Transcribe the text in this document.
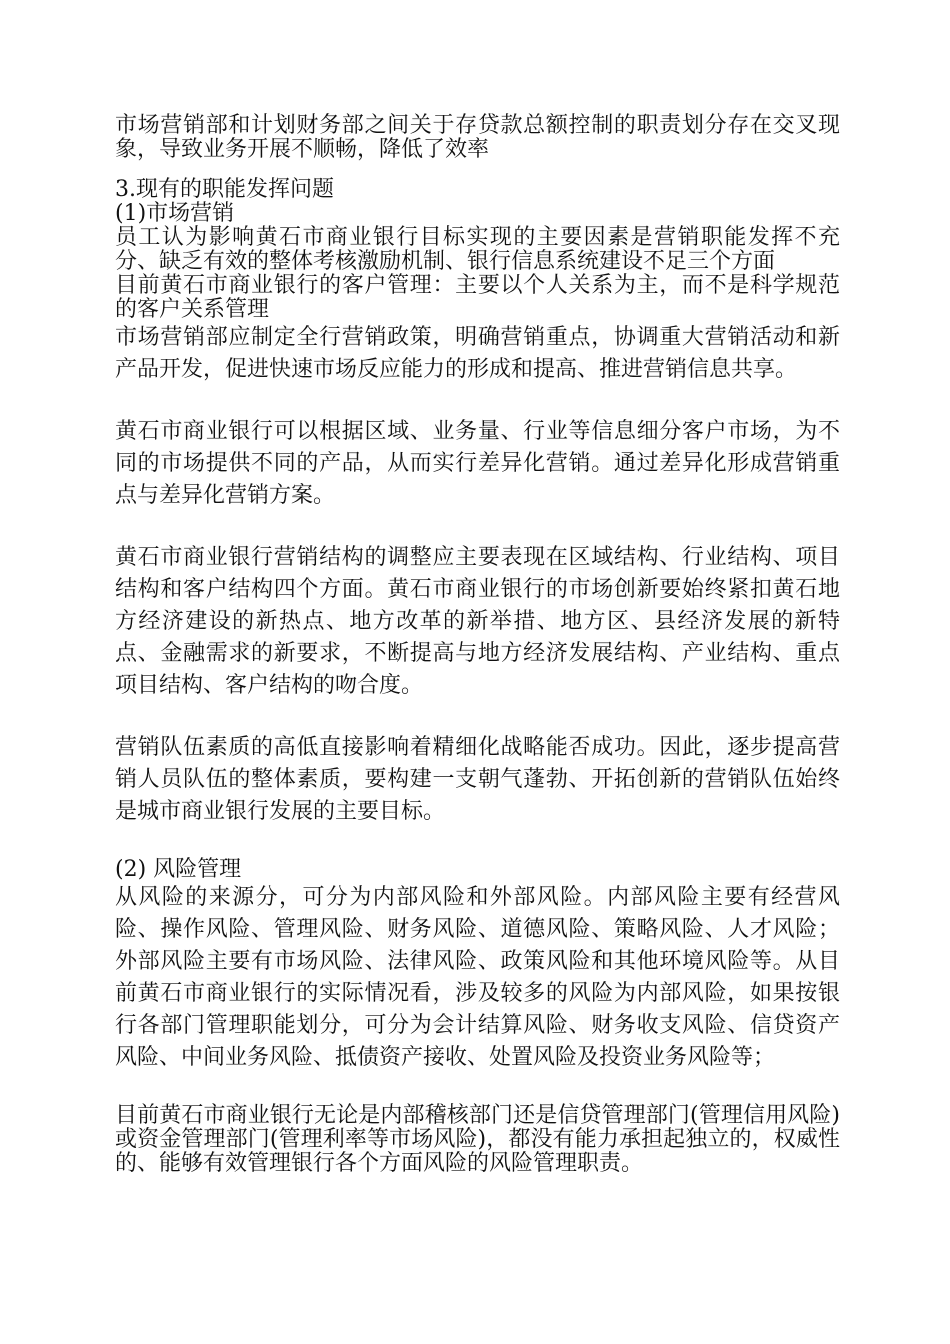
市场营销部和计划财务部之间关于存贷款总额控制的职责划分存在交叉现象，导致业务开展不顺畅，降低了效率

3.现有的职能发挥问题

(1)市场营销

员工认为影响黄石市商业银行目标实现的主要因素是营销职能发挥不充分、缺乏有效的整体考核激励机制、银行信息系统建设不足三个方面

目前黄石市商业银行的客户管理：主要以个人关系为主，而不是科学规范的客户关系管理

市场营销部应制定全行营销政策，明确营销重点，协调重大营销活动和新产品开发，促进快速市场反应能力的形成和提高、推进营销信息共享。

黄石市商业银行可以根据区域、业务量、行业等信息细分客户市场，为不同的市场提供不同的产品，从而实行差异化营销。通过差异化形成营销重点与差异化营销方案。

黄石市商业银行营销结构的调整应主要表现在区域结构、行业结构、项目结构和客户结构四个方面。黄石市商业银行的市场创新要始终紧扣黄石地方经济建设的新热点、地方改革的新举措、地方区、县经济发展的新特点、金融需求的新要求，不断提高与地方经济发展结构、产业结构、重点项目结构、客户结构的吻合度。

营销队伍素质的高低直接影响着精细化战略能否成功。因此，逐步提高营销人员队伍的整体素质，要构建一支朝气蓬勃、开拓创新的营销队伍始终是城市商业银行发展的主要目标。

(2) 风险管理

从风险的来源分，可分为内部风险和外部风险。内部风险主要有经营风险、操作风险、管理风险、财务风险、道德风险、策略风险、人才风险；外部风险主要有市场风险、法律风险、政策风险和其他环境风险等。从目前黄石市商业银行的实际情况看，涉及较多的风险为内部风险，如果按银行各部门管理职能划分，可分为会计结算风险、财务收支风险、信贷资产风险、中间业务风险、抵债资产接收、处置风险及投资业务风险等；

目前黄石市商业银行无论是内部稽核部门还是信贷管理部门(管理信用风险)或资金管理部门(管理利率等市场风险)，都没有能力承担起独立的，权威性的、能够有效管理银行各个方面风险的风险管理职责。
